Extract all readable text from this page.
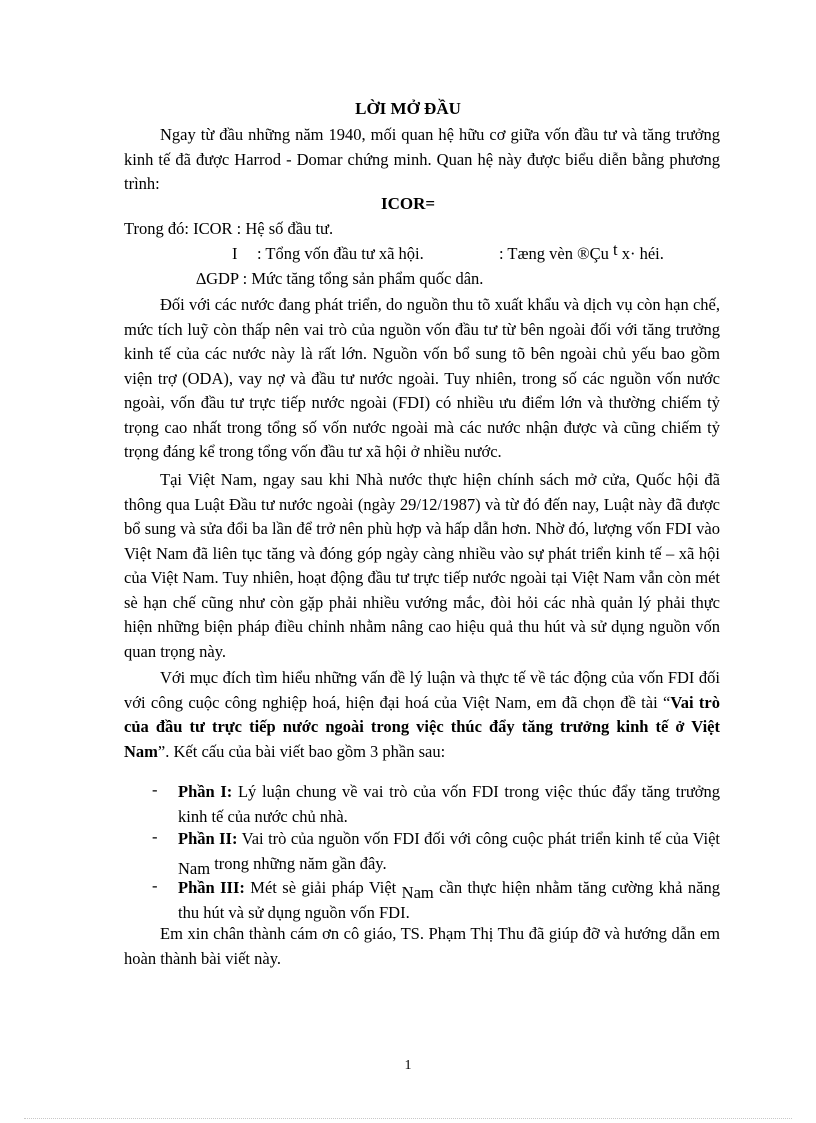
LỜI MỞ ĐẦU

Ngay từ đầu những năm 1940, mối quan hệ hữu cơ giữa vốn đầu tư và tăng trưởng kinh tế đã được Harrod - Domar chứng minh. Quan hệ này được biểu diễn bằng phương trình:

ICOR=
Trong đó: ICOR : Hệ số đầu tư.
I : Tổng vốn đầu tư xã hội.	: Tæng vèn ®Çu t x· héi.
∆GDP : Mức tăng tổng sản phẩm quốc dân.

Đối với các nước đang phát triển, do nguồn thu tõ xuất khẩu và dịch vụ còn hạn chế, mức tích luỹ còn thấp nên vai trò của nguồn vốn đầu tư từ bên ngoài đối với tăng trưởng kinh tế của các nước này là rất lớn. Nguồn vốn bổ sung tõ bên ngoài chủ yếu bao gồm viện trợ (ODA), vay nợ và đầu tư nước ngoài. Tuy nhiên, trong số các nguồn vốn nước ngoài, vốn đầu tư trực tiếp nước ngoài (FDI) có nhiều ưu điểm lớn và thường chiếm tỷ trọng cao nhất trong tổng số vốn nước ngoài mà các nước nhận được và cũng chiếm tỷ trọng đáng kể trong tổng vốn đầu tư xã hội ở nhiều nước.

Tại Việt Nam, ngay sau khi Nhà nước thực hiện chính sách mở cửa, Quốc hội đã thông qua Luật Đầu tư nước ngoài (ngày 29/12/1987) và từ đó đến nay, Luật này đã được bổ sung và sửa đổi ba lần để trở nên phù hợp và hấp dẫn hơn. Nhờ đó, lượng vốn FDI vào Việt Nam đã liên tục tăng và đóng góp ngày càng nhiều vào sự phát triển kinh tế – xã hội của Việt Nam. Tuy nhiên, hoạt động đầu tư trực tiếp nước ngoài tại Việt Nam vẫn còn mét sè hạn chế cũng như còn gặp phải nhiều vướng mắc, đòi hỏi các nhà quản lý phải thực hiện những biện pháp điều chỉnh nhằm nâng cao hiệu quả thu hút và sử dụng nguồn vốn quan trọng này.

Với mục đích tìm hiểu những vấn đề lý luận và thực tế về tác động của vốn FDI đối với công cuộc công nghiệp hoá, hiện đại hoá của Việt Nam, em đã chọn đề tài “Vai trò của đầu tư trực tiếp nước ngoài trong việc thúc đẩy tăng trưởng kinh tế ở Việt Nam”. Kết cấu của bài viết bao gồm 3 phần sau:

- Phần I: Lý luận chung về vai trò của vốn FDI trong việc thúc đẩy tăng trưởng kinh tế của nước chủ nhà.

- Phần II: Vai trò của nguồn vốn FDI đối với công cuộc phát triển kinh tế của Việt Nam trong những năm gần đây.

- Phần III: Mét sè giải pháp Việt Nam cần thực hiện nhằm tăng cường khả năng thu hút và sử dụng nguồn vốn FDI.

Em xin chân thành cám ơn cô giáo, TS. Phạm Thị Thu đã giúp đỡ và hướng dẫn em hoàn thành bài viết này.

1
